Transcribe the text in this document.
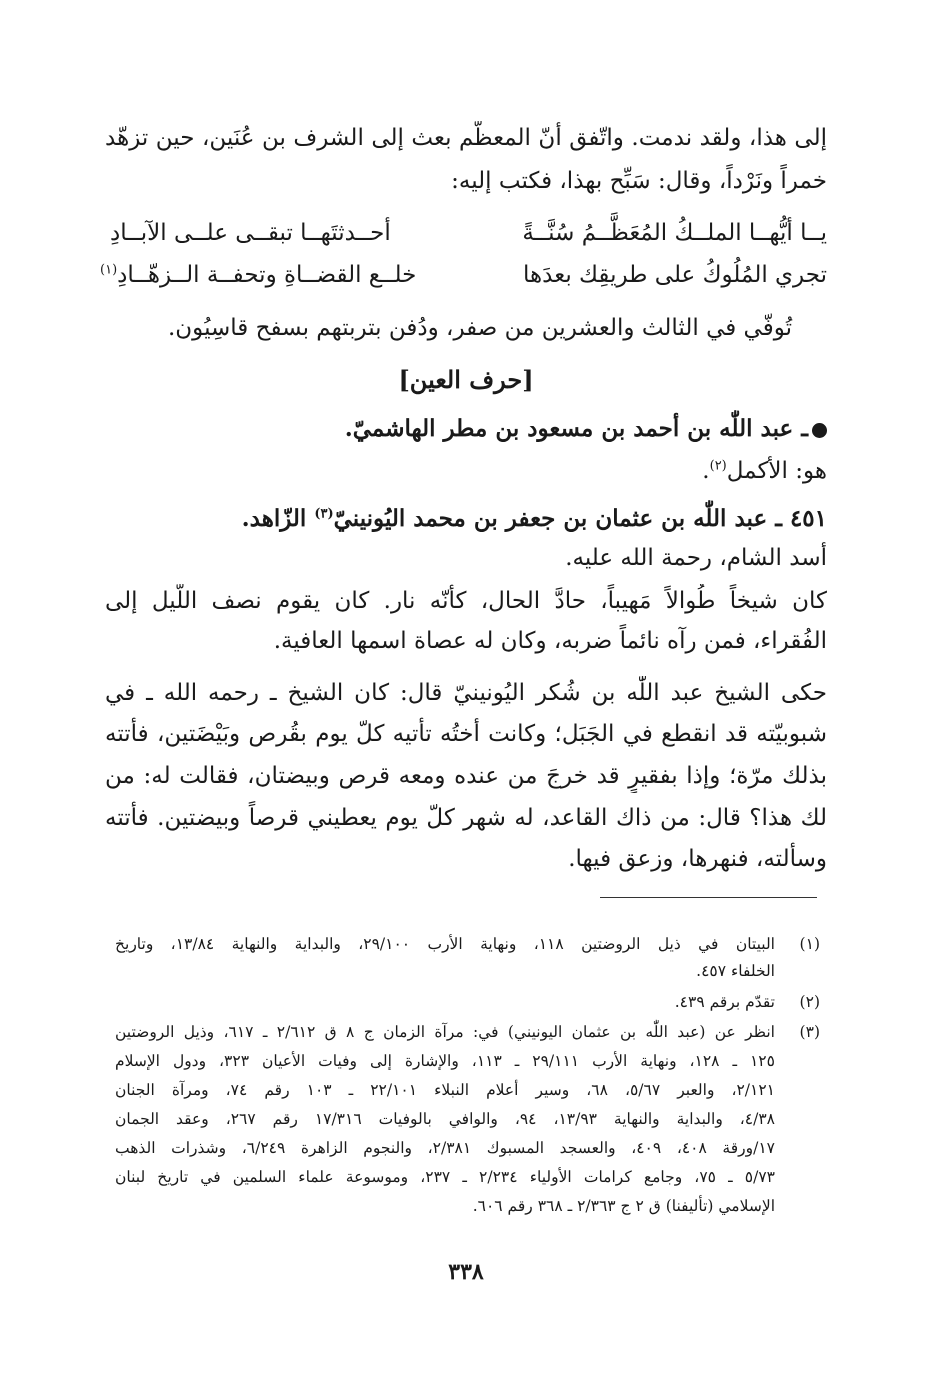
إلى هذا، ولقد ندمت. واتّفق أنّ المعظّم بعث إلى الشرف بن عُنَين، حين تزهّد
خمراً ونَرْداً، وقال: سَبِّح بهذا، فكتب إليه:
يــا أيُّهــا الملــكُ المُعَظَّــمُ سُنَّــةً
أحــدثتَهــا تبقــى علــى الآبــادِ
تجري المُلُوكُ على طريقِك بعدَها
خلــع القضــاةِ وتحفــة الــزهّــادِ$^{(١)}$
تُوفّي في الثالث والعشرين من صفر، ودُفن بتربتهم بسفح قاسِيُون.
[حرف العين]
ـ عبد اللّٰه بن أحمد بن مسعود بن مطر الهاشميّ.
هو: الأكمل$^{(٢)}$.
٤٥١ ـ عبد اللّٰه بن عثمان بن جعفر بن محمد اليُونينيّ$^{(٣)}$ الزّاهد.
أسد الشام، رحمة الله عليه.
كان شيخاً طُوالاً مَهيباً، حادَّ الحال، كأنّه نار. كان يقوم نصف اللّيل إلى
الفُقراء، فمن رآه نائماً ضربه، وكان له عصاة اسمها العافية.
حكى الشيخ عبد اللّٰه بن شُكر اليُونينيّ قال: كان الشيخ ـ رحمه الله ـ في
شبوبيّته قد انقطع في الجَبَل؛ وكانت أختُه تأتيه كلّ يوم بقُرص وبَيْضَتين، فأتته
بذلك مرّة؛ وإذا بفقيرٍ قد خرجَ من عنده ومعه قرص وبيضتان، فقالت له: من
لك هذا؟ قال: من ذاك القاعد، له شهر كلّ يوم يعطيني قرصاً وبيضتين. فأتته
وسألته، فنهرها، وزعق فيها.
(١)
البيتان في ذيل الروضتين ١١٨، ونهاية الأرب ٢٩/١٠٠، والبداية والنهاية ١٣/٨٤، وتاريخ
الخلفاء ٤٥٧.
(٢)
تقدّم برقم ٤٣٩.
(٣)
انظر عن (عبد اللّٰه بن عثمان اليونيني) في: مرآة الزمان ج ٨ ق ٢/٦١٢ ـ ٦١٧، وذيل الروضتين
١٢٥ ـ ١٢٨، ونهاية الأرب ٢٩/١١١ ـ ١١٣، والإشارة إلى وفيات الأعيان ٣٢٣، ودول الإسلام
٢/١٢١، والعبر ٥/٦٧، ٦٨، وسير أعلام النبلاء ٢٢/١٠١ ـ ١٠٣ رقم ٧٤، ومرآة الجنان
٤/٣٨، والبداية والنهاية ١٣/٩٣، ٩٤، والوافي بالوفيات ١٧/٣١٦ رقم ٢٦٧، وعقد الجمان
١٧/ورقة ٤٠٨، ٤٠٩، والعسجد المسبوك ٢/٣٨١، والنجوم الزاهرة ٦/٢٤٩، وشذرات الذهب
٥/٧٣ ـ ٧٥، وجامع كرامات الأولياء ٢/٢٣٤ ـ ٢٣٧، وموسوعة علماء السلمين في تاريخ لبنان
الإسلامي (تأليفنا) ق ٢ ج ٢/٣٦٣ ـ ٣٦٨ رقم ٦٠٦.
٣٣٨
